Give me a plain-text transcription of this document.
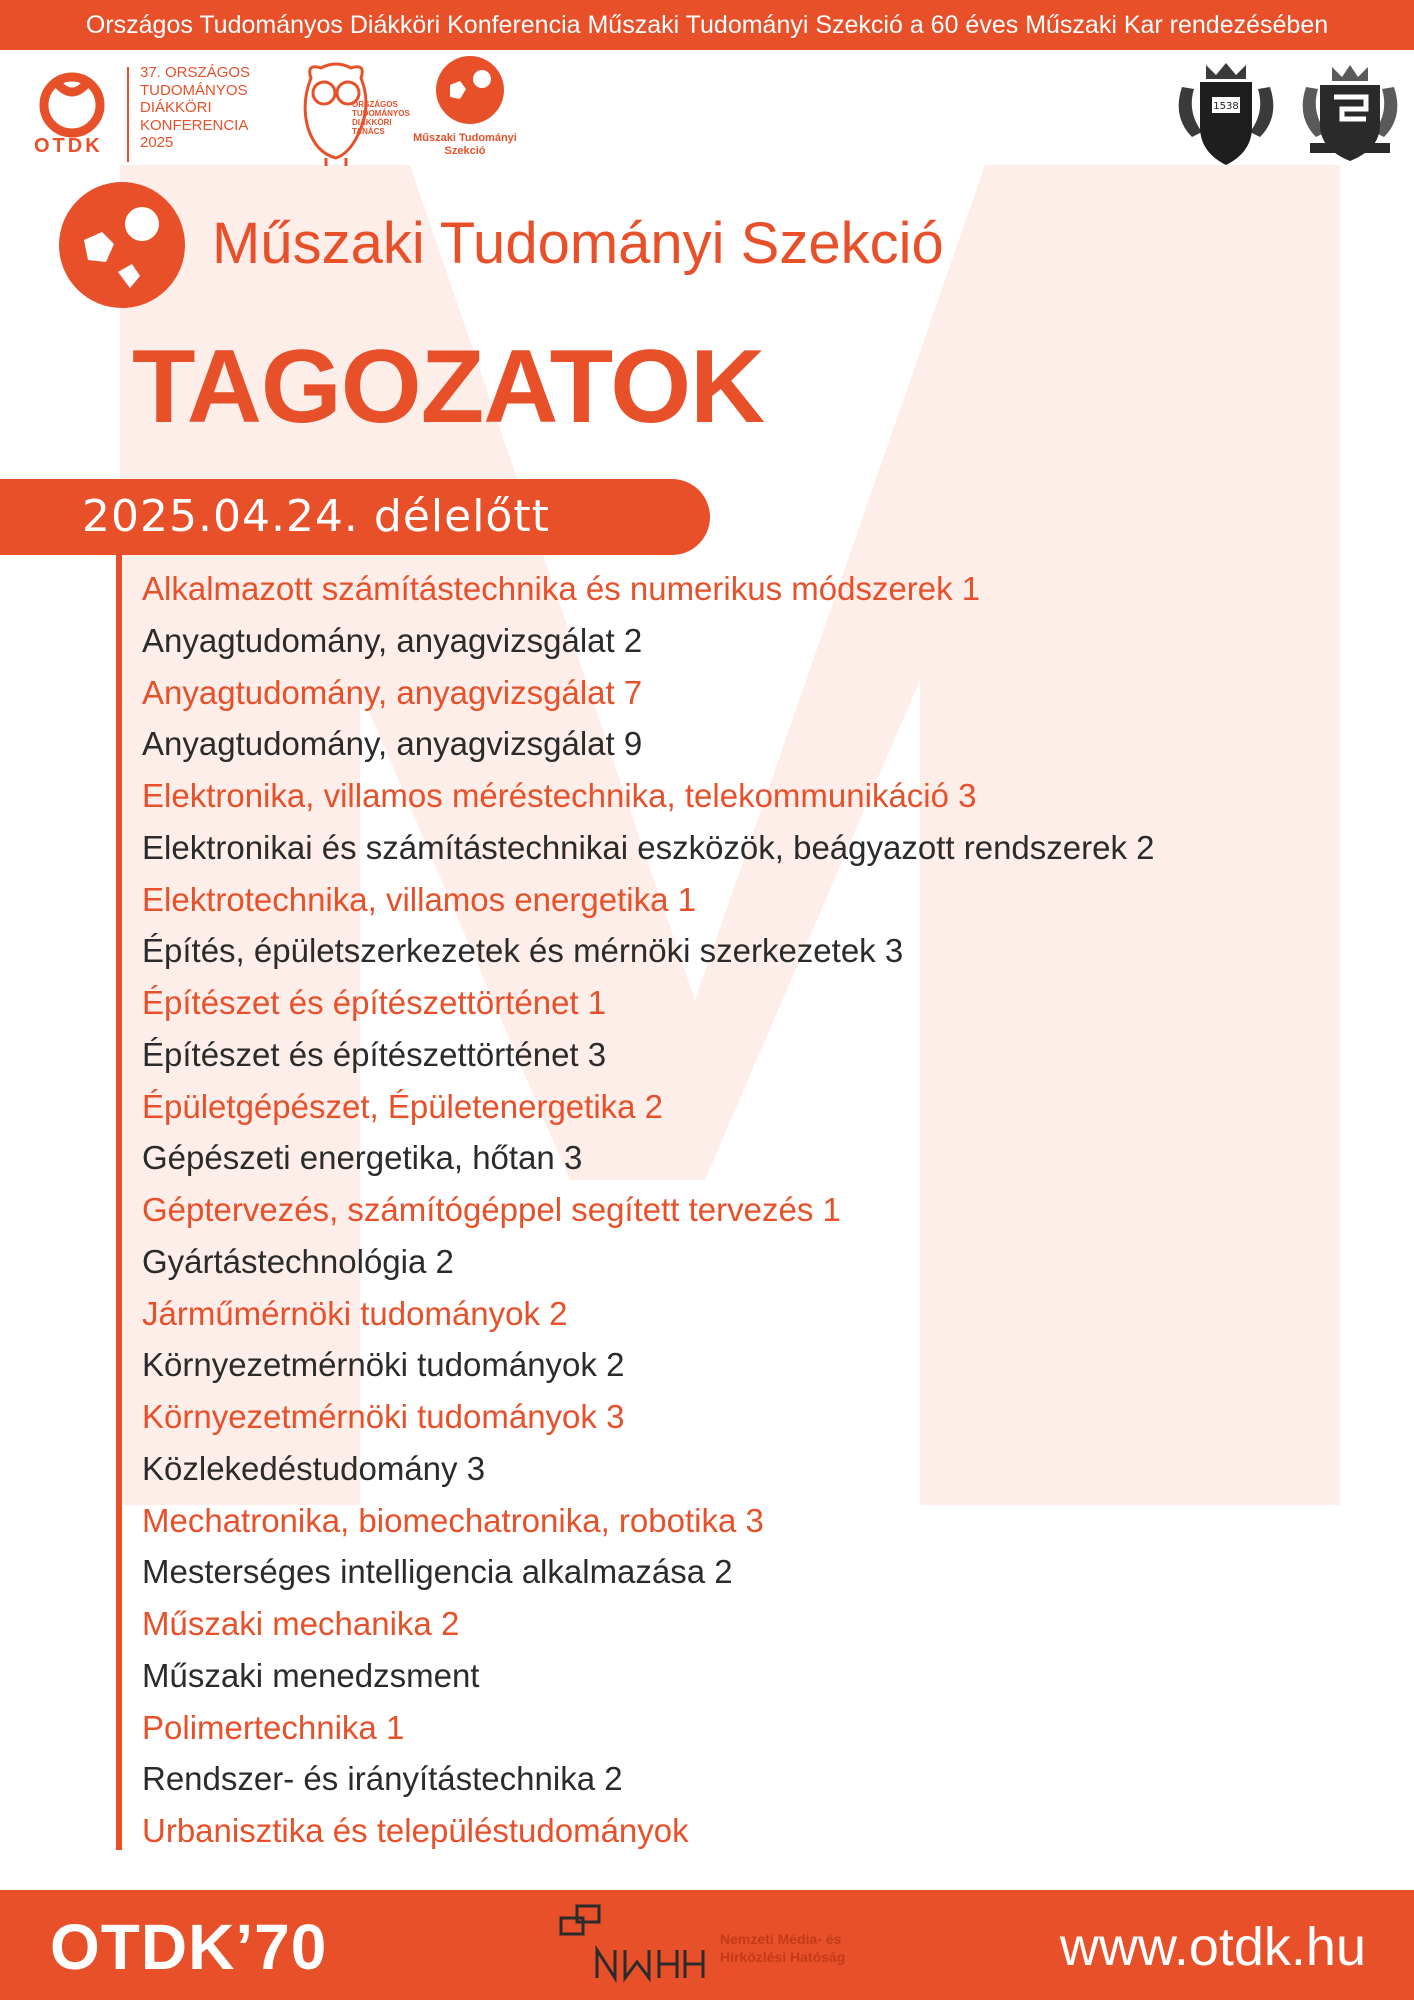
Országos Tudományos Diákköri Konferencia Műszaki Tudományi Szekció a 60 éves Műszaki Kar rendezésében
OTDK
37. ORSZÁGOS
TUDOMÁNYOS
DIÁKKÖRI
KONFERENCIA
2025
ORSZÁGOS
TUDOMÁNYOS
DIÁKKÖRI
TANÁCS
Műszaki Tudományi
Szekció
1538
Műszaki Tudományi Szekció
TAGOZATOK
2025.04.24. délelőtt
Alkalmazott számítástechnika és numerikus módszerek 1
Anyagtudomány, anyagvizsgálat 2
Anyagtudomány, anyagvizsgálat 7
Anyagtudomány, anyagvizsgálat 9
Elektronika, villamos méréstechnika, telekommunikáció 3
Elektronikai és számítástechnikai eszközök, beágyazott rendszerek 2
Elektrotechnika, villamos energetika 1
Építés, épületszerkezetek és mérnöki szerkezetek 3
Építészet és építészettörténet 1
Építészet és építészettörténet 3
Épületgépészet, Épületenergetika 2
Gépészeti energetika, hőtan 3
Géptervezés, számítógéppel segített tervezés 1
Gyártástechnológia 2
Járműmérnöki tudományok 2
Környezetmérnöki tudományok 2
Környezetmérnöki tudományok 3
Közlekedéstudomány 3
Mechatronika, biomechatronika, robotika 3
Mesterséges intelligencia alkalmazása 2
Műszaki mechanika 2
Műszaki menedzsment
Polimertechnika 1
Rendszer- és irányítástechnika 2
Urbanisztika és településtudományok
OTDK’70	Nemzeti Média- és
Hírközlési Hatóság	www.otdk.hu
